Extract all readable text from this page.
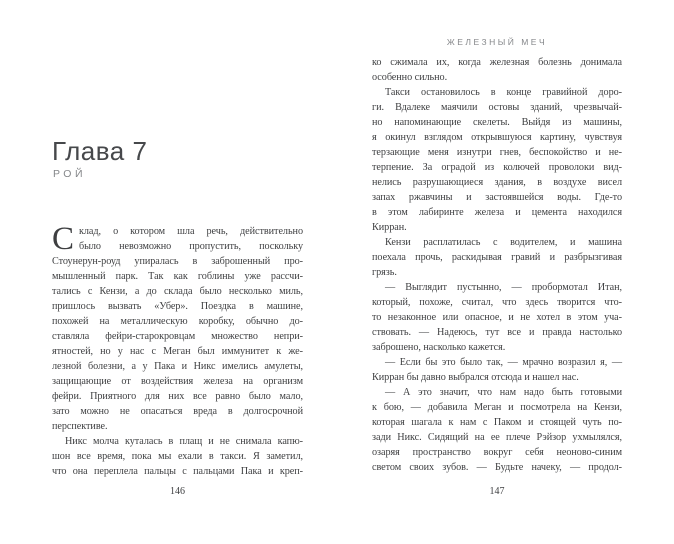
Глава 7
РОЙ
С клад, о котором шла речь, действительно
было невозможно пропустить, поскольку
Стоунерун-роуд упиралась в заброшенный про-
мышленный парк. Так как гоблины уже рассчи-
тались с Кензи, а до склада было несколько миль,
пришлось вызвать «Убер». Поездка в машине,
похожей на металлическую коробку, обычно до-
ставляла фейри-старокровцам множество непри-
ятностей, но у нас с Меган был иммунитет к же-
лезной болезни, а у Пака и Никс имелись амулеты,
защищающие от воздействия железа на организм
фейри. Приятного для них все равно было мало,
зато можно не опасаться вреда в долгосрочной
перспективе.
Никс молча куталась в плащ и не снимала капю-
шон все время, пока мы ехали в такси. Я заметил,
что она переплела пальцы с пальцами Пака и креп-
146
ЖЕЛЕЗНЫЙ МЕЧ
ко сжимала их, когда железная болезнь донимала
особенно сильно.
Такси остановилось в конце гравийной доро-
ги. Вдалеке маячили остовы зданий, чрезвычай-
но напоминающие скелеты. Выйдя из машины,
я окинул взглядом открывшуюся картину, чувствуя
терзающие меня изнутри гнев, беспокойство и не-
терпение. За оградой из колючей проволоки вид-
нелись разрушающиеся здания, в воздухе висел
запах ржавчины и застоявшейся воды. Где-то
в этом лабиринте железа и цемента находился
Кирран.
Кензи расплатилась с водителем, и машина
поехала прочь, раскидывая гравий и разбрызгивая
грязь.
— Выглядит пустынно, — пробормотал Итан,
который, похоже, считал, что здесь творится что-
то незаконное или опасное, и не хотел в этом уча-
ствовать. — Надеюсь, тут все и правда настолько
заброшено, насколько кажется.
— Если бы это было так, — мрачно возразил я, —
Кирран бы давно выбрался отсюда и нашел нас.
— А это значит, что нам надо быть готовыми
к бою, — добавила Меган и посмотрела на Кензи,
которая шагала к нам с Паком и стоящей чуть по-
зади Никс. Сидящий на ее плече Рэйзор ухмылялся,
озаряя пространство вокруг себя неоново-синим
светом своих зубов. — Будьте начеку, — продол-
147
